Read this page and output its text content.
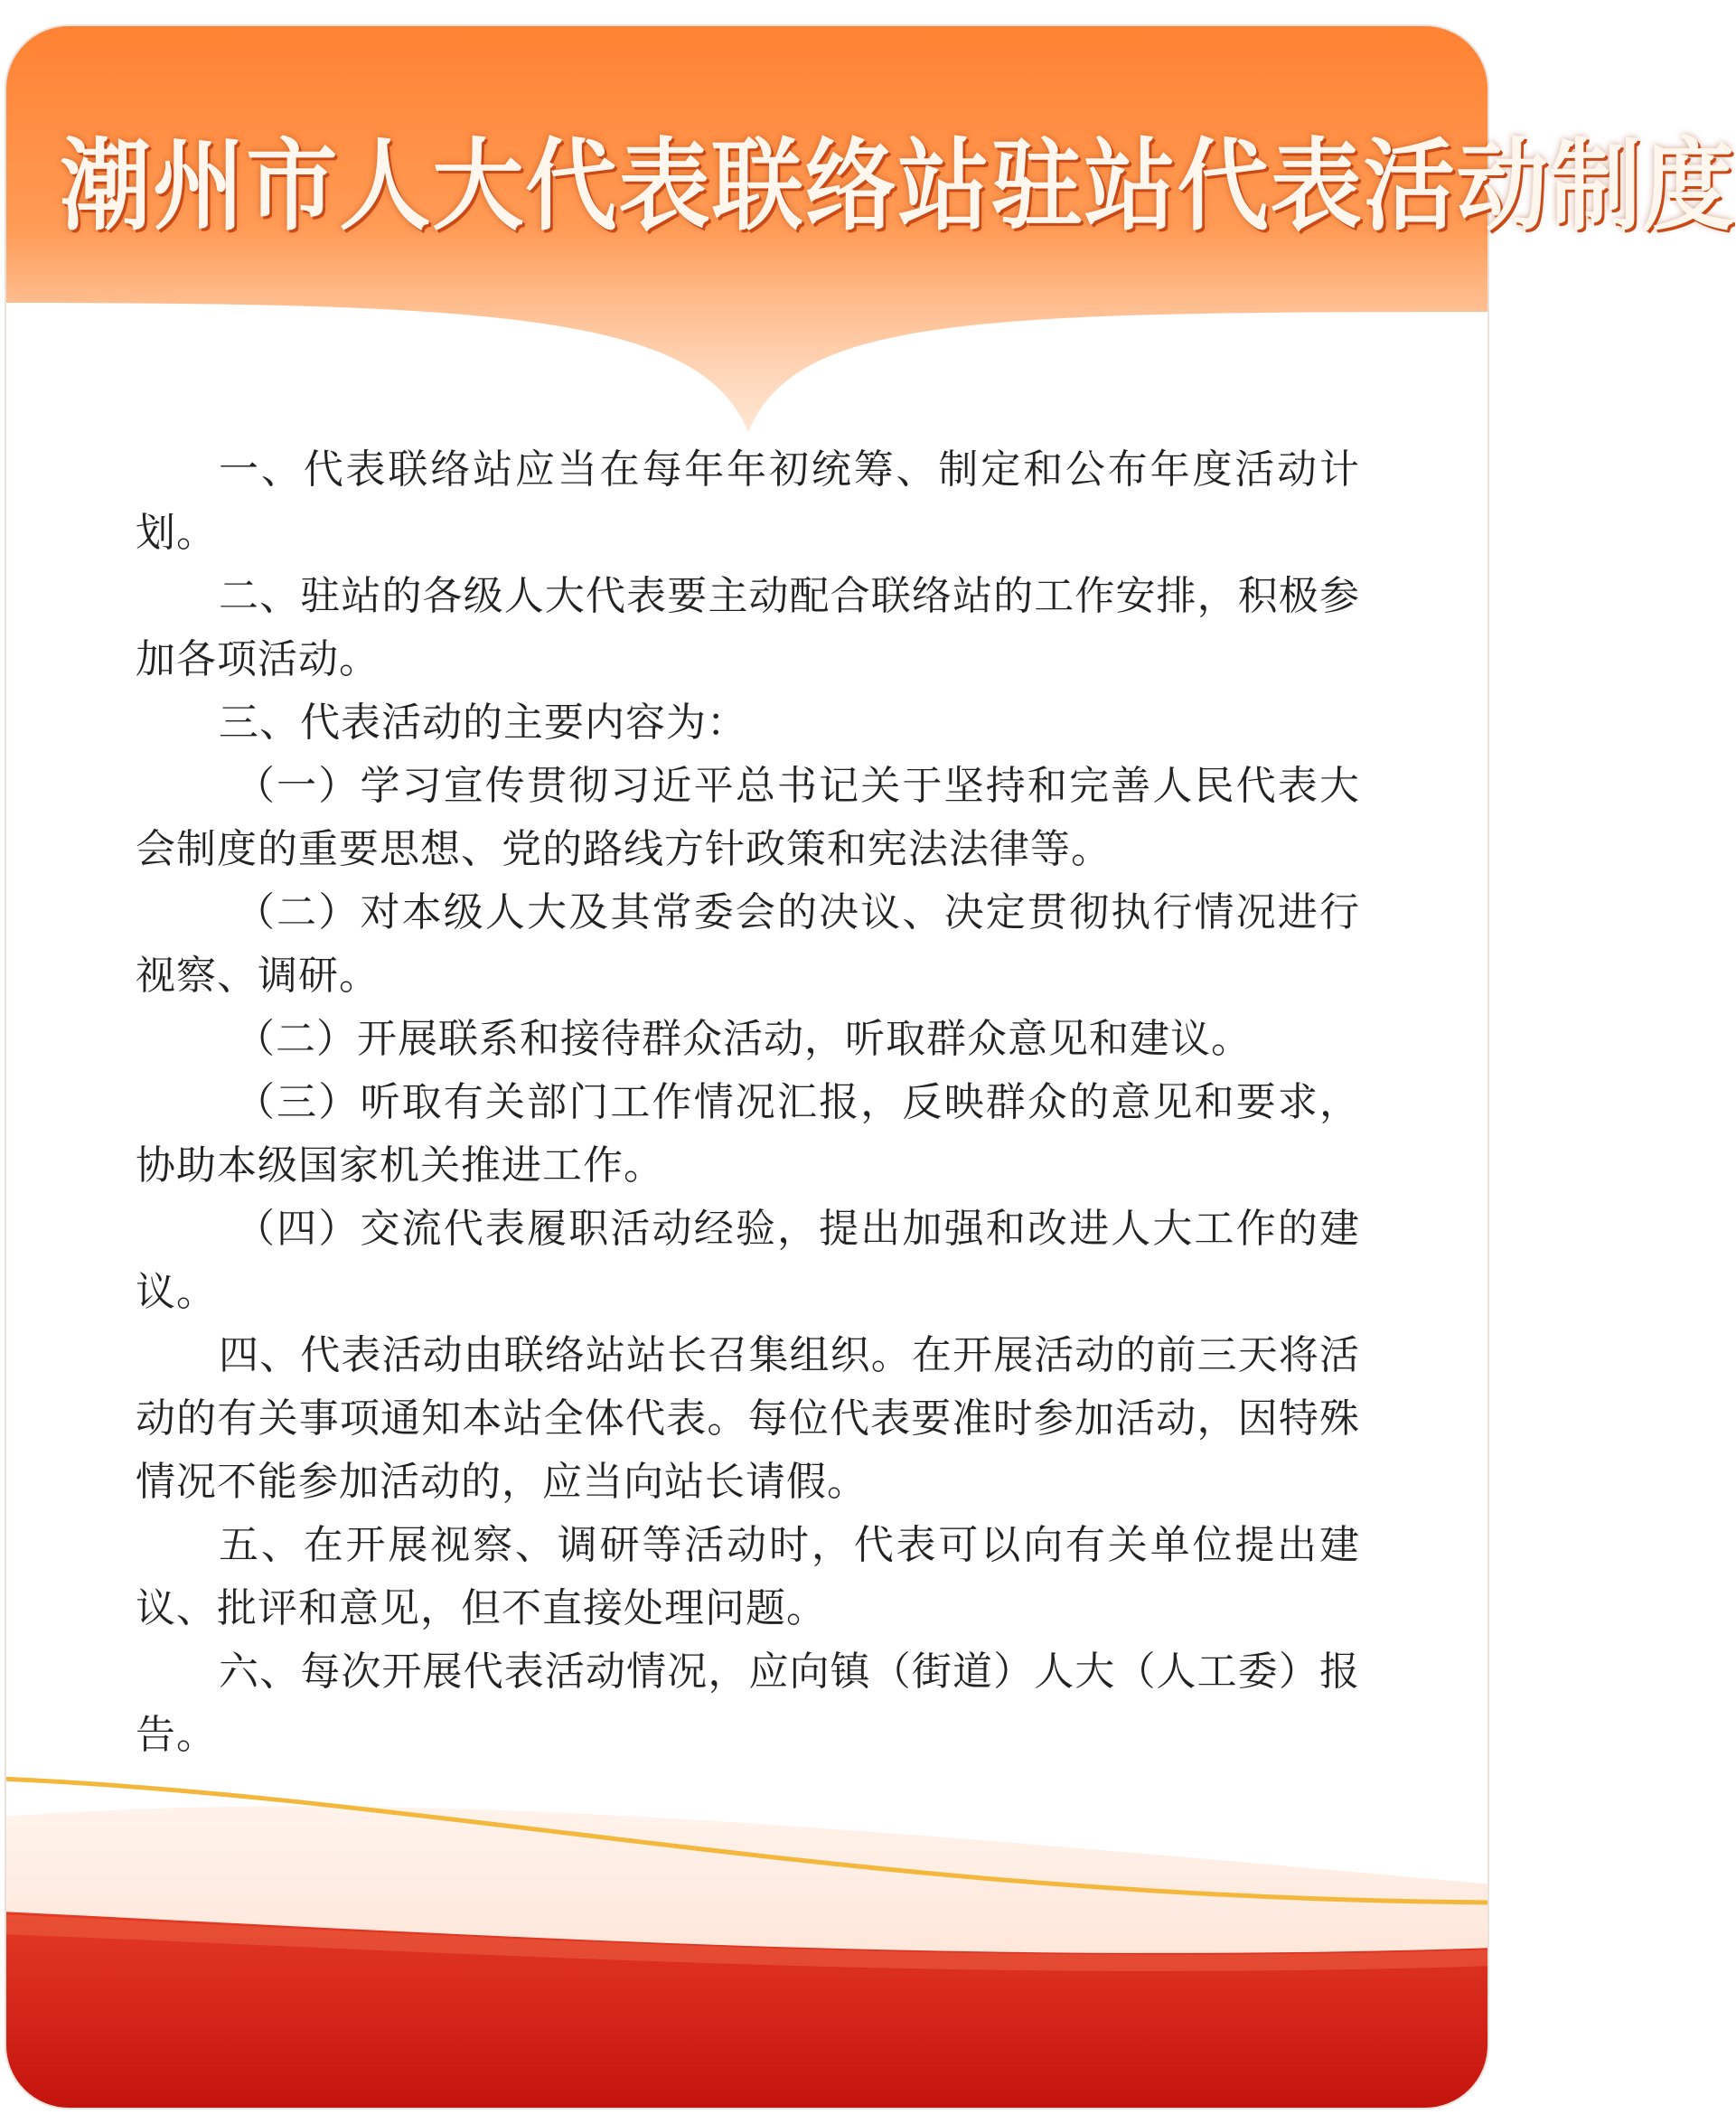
潮州市人大代表联络站驻站代表活动制度

一、代表联络站应当在每年年初统筹、制定和公布年度活动计划。

二、驻站的各级人大代表要主动配合联络站的工作安排，积极参加各项活动。

三、代表活动的主要内容为：

（一）学习宣传贯彻习近平总书记关于坚持和完善人民代表大会制度的重要思想、党的路线方针政策和宪法法律等。

（二）对本级人大及其常委会的决议、决定贯彻执行情况进行视察、调研。

（二）开展联系和接待群众活动，听取群众意见和建议。

（三）听取有关部门工作情况汇报，反映群众的意见和要求，协助本级国家机关推进工作。

（四）交流代表履职活动经验，提出加强和改进人大工作的建议。

四、代表活动由联络站站长召集组织。在开展活动的前三天将活动的有关事项通知本站全体代表。每位代表要准时参加活动，因特殊情况不能参加活动的，应当向站长请假。

五、在开展视察、调研等活动时，代表可以向有关单位提出建议、批评和意见，但不直接处理问题。

六、每次开展代表活动情况，应向镇（街道）人大（人工委）报告。
